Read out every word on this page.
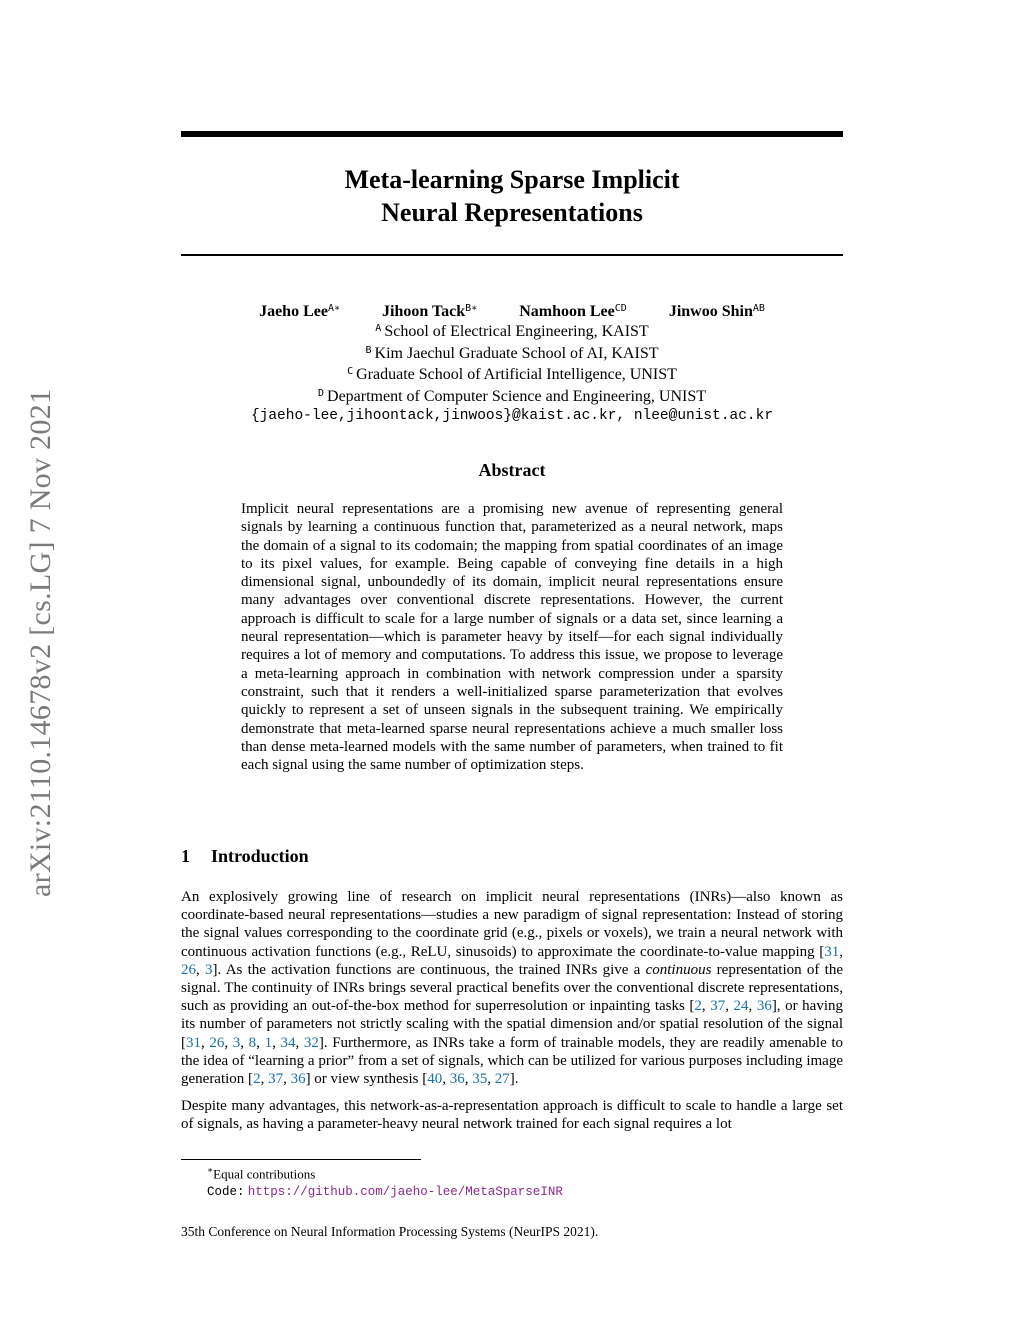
arXiv:2110.14678v2 [cs.LG] 7 Nov 2021
Meta-learning Sparse Implicit
Neural Representations
Jaeho Lee$^{A∗}$	Jihoon Tack$^{B∗}$	Namhoon Lee$^{CD}$	Jinwoo Shin$^{AB}$
$^A$ School of Electrical Engineering, KAIST
$^B$ Kim Jaechul Graduate School of AI, KAIST
$^C$ Graduate School of Artificial Intelligence, UNIST
$^D$ Department of Computer Science and Engineering, UNIST
{jaeho-lee,jihoontack,jinwoos}@kaist.ac.kr, nlee@unist.ac.kr
Abstract
Implicit neural representations are a promising new avenue of representing general signals by learning a continuous function that, parameterized as a neural network, maps the domain of a signal to its codomain; the mapping from spatial coordinates of an image to its pixel values, for example. Being capable of conveying fine details in a high dimensional signal, unboundedly of its domain, implicit neural representations ensure many advantages over conventional discrete representations. However, the current approach is difficult to scale for a large number of signals or a data set, since learning a neural representation—which is parameter heavy by itself—for each signal individually requires a lot of memory and computations. To address this issue, we propose to leverage a meta-learning approach in combination with network compression under a sparsity constraint, such that it renders a well-initialized sparse parameterization that evolves quickly to represent a set of unseen signals in the subsequent training. We empirically demonstrate that meta-learned sparse neural representations achieve a much smaller loss than dense meta-learned models with the same number of parameters, when trained to fit each signal using the same number of optimization steps.
1 Introduction

An explosively growing line of research on implicit neural representations (INRs)—also known as coordinate-based neural representations—studies a new paradigm of signal representation: Instead of storing the signal values corresponding to the coordinate grid (e.g., pixels or voxels), we train a neural network with continuous activation functions (e.g., ReLU, sinusoids) to approximate the coordinate-to-value mapping [31, 26, 3]. As the activation functions are continuous, the trained INRs give a continuous representation of the signal. The continuity of INRs brings several practical benefits over the conventional discrete representations, such as providing an out-of-the-box method for superresolution or inpainting tasks [2, 37, 24, 36], or having its number of parameters not strictly scaling with the spatial dimension and/or spatial resolution of the signal [31, 26, 3, 8, 1, 34, 32]. Furthermore, as INRs take a form of trainable models, they are readily amenable to the idea of “learning a prior” from a set of signals, which can be utilized for various purposes including image generation [2, 37, 36] or view synthesis [40, 36, 35, 27].

Despite many advantages, this network-as-a-representation approach is difficult to scale to handle a large set of signals, as having a parameter-heavy neural network trained for each signal requires a lot

∗Equal contributions
Code: https://github.com/jaeho-lee/MetaSparseINR
35th Conference on Neural Information Processing Systems (NeurIPS 2021).
